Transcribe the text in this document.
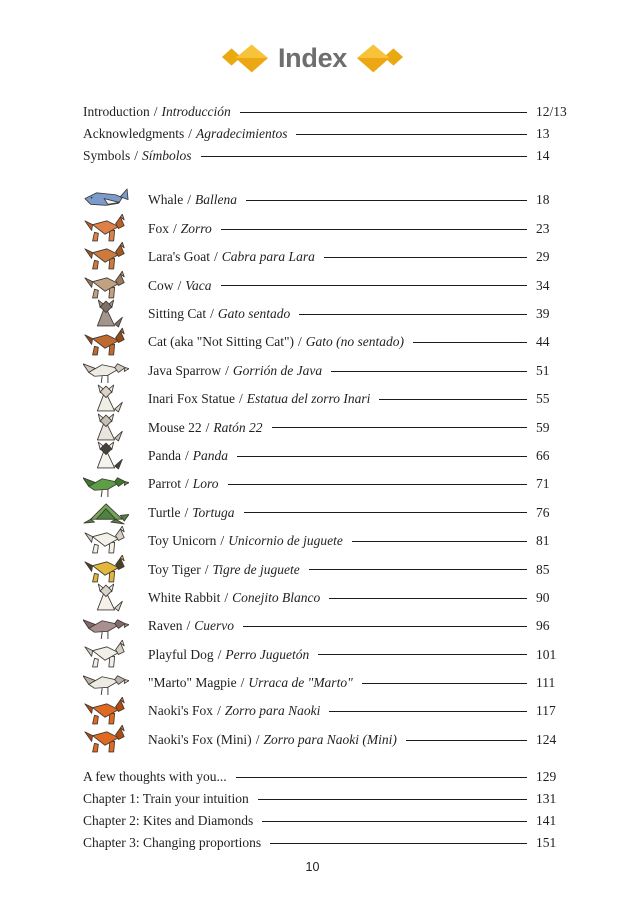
Index
Introduction / Introducción	12/13
Acknowledgments / Agradecimientos	13
Symbols / Símbolos	14
Whale / Ballena	18
Fox / Zorro	23
Lara's Goat / Cabra para Lara	29
Cow / Vaca	34
Sitting Cat / Gato sentado	39
Cat (aka "Not Sitting Cat") / Gato (no sentado)	44
Java Sparrow / Gorrión de Java	51
Inari Fox Statue / Estatua del zorro Inari	55
Mouse 22 / Ratón 22	59
Panda / Panda	66
Parrot / Loro	71
Turtle / Tortuga	76
Toy Unicorn / Unicornio de juguete	81
Toy Tiger / Tigre de juguete	85
White Rabbit / Conejito Blanco	90
Raven / Cuervo	96
Playful Dog / Perro Juguetón	101
"Marto" Magpie / Urraca de "Marto"	111
Naoki's Fox / Zorro para Naoki	117
Naoki's Fox (Mini) / Zorro para Naoki (Mini)	124
A few thoughts with you...	129
Chapter 1: Train your intuition	131
Chapter 2: Kites and Diamonds	141
Chapter 3: Changing proportions	151
10
